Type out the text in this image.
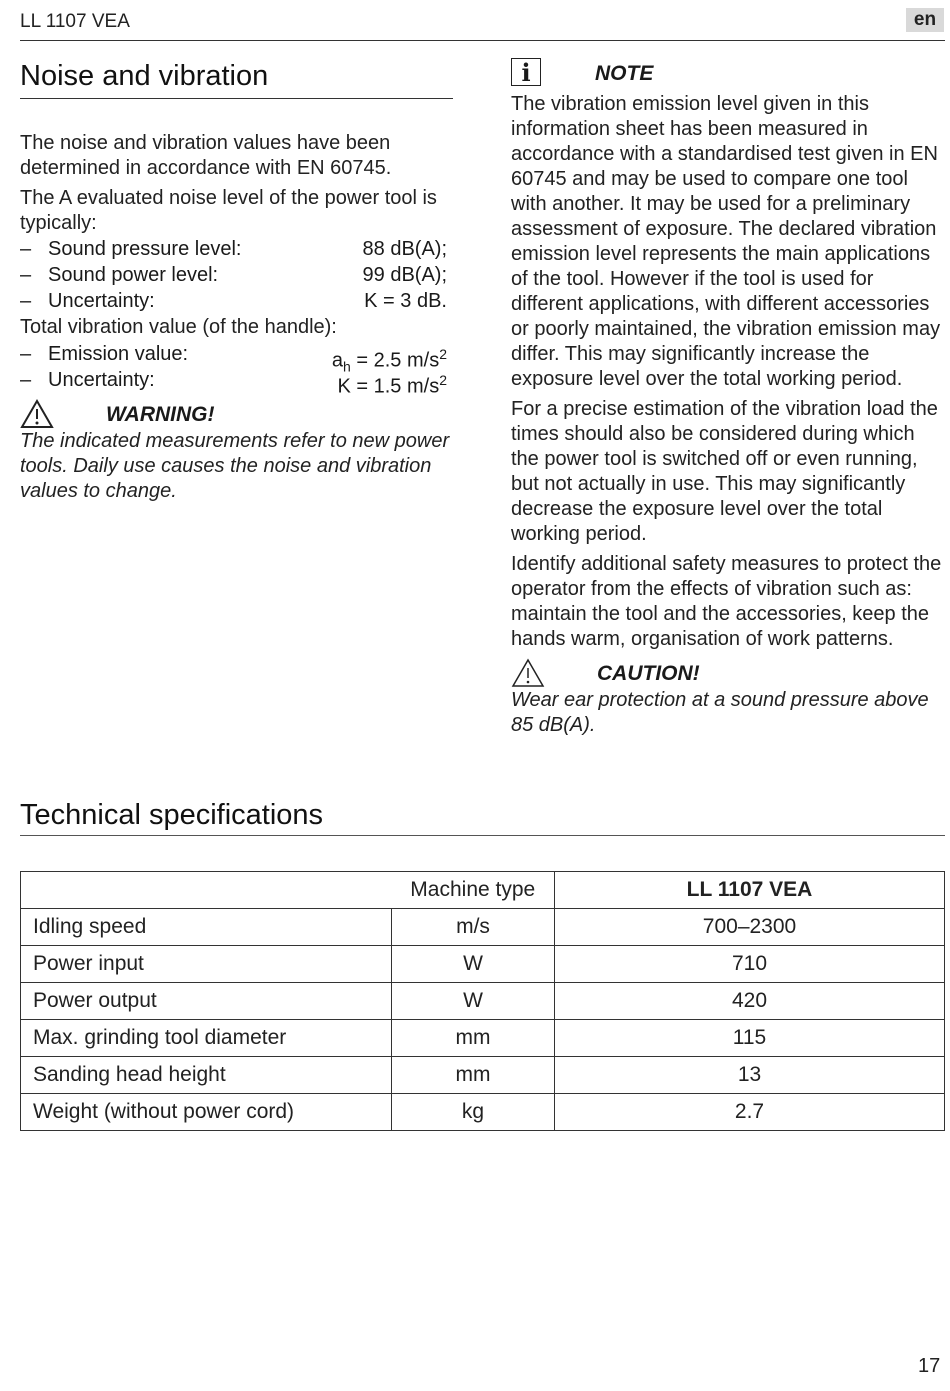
LL 1107 VEA	en
Noise and vibration

The noise and vibration values have been determined in accordance with EN 60745.

The A evaluated noise level of the power tool is typically:

– Sound pressure level:	88 dB(A);
– Sound power level:	99 dB(A);
– Uncertainty:	K = 3 dB.
Total vibration value (of the handle):
– Emission value:	$a_h = 2.5$ $m/s^2$
– Uncertainty:	K = 1.5 $m/s^2$
WARNING!

The indicated measurements refer to new power tools. Daily use causes the noise and vibration values to change.

i	NOTE

The vibration emission level given in this information sheet has been measured in accordance with a standardised test given in EN 60745 and may be used to compare one tool with another. It may be used for a preliminary assessment of exposure. The declared vibration emission level represents the main applications of the tool. However if the tool is used for different applications, with different accessories or poorly maintained, the vibration emission may differ. This may significantly increase the exposure level over the total working period.

For a precise estimation of the vibration load the times should also be considered during which the power tool is switched off or even running, but not actually in use. This may significantly decrease the exposure level over the total working period.

Identify additional safety measures to protect the operator from the effects of vibration such as: maintain the tool and the accessories, keep the hands warm, organisation of work patterns.

CAUTION!

Wear ear protection at a sound pressure above 85 dB(A).

Technical specifications
	Machine type	LL 1107 VEA
Idling speed	m/s	700–2300
Power input	W	710
Power output	W	420
Max. grinding tool diameter	mm	115
Sanding head height	mm	13
Weight (without power cord)	kg	2.7
17
